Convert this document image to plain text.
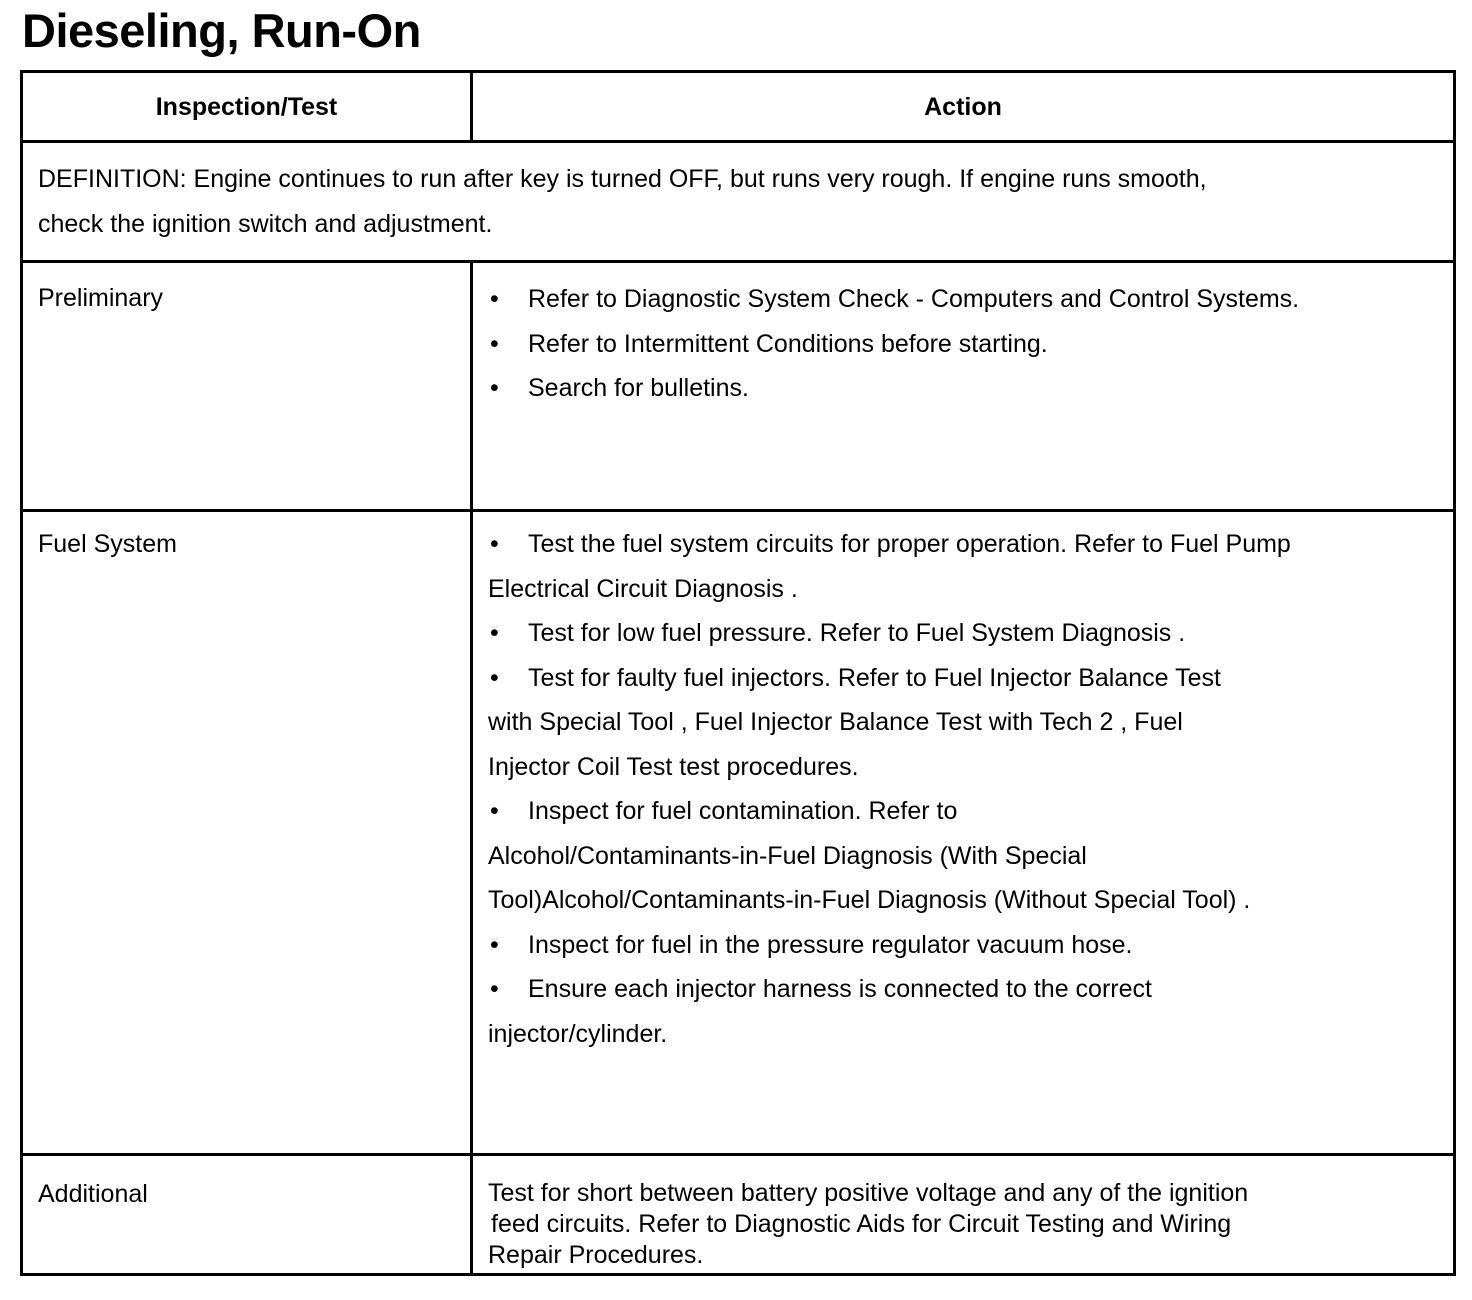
Dieseling, Run-On
Inspection/Test	Action
DEFINITION: Engine continues to run after key is turned OFF, but runs very rough. If engine runs smooth,
check the ignition switch and adjustment.
Preliminary	• Refer to Diagnostic System Check - Computers and Control Systems.
• Refer to Intermittent Conditions before starting.
• Search for bulletins.
Fuel System	• Test the fuel system circuits for proper operation. Refer to Fuel Pump
Electrical Circuit Diagnosis .
• Test for low fuel pressure. Refer to Fuel System Diagnosis .
• Test for faulty fuel injectors. Refer to Fuel Injector Balance Test
with Special Tool , Fuel Injector Balance Test with Tech 2 , Fuel
Injector Coil Test test procedures.
• Inspect for fuel contamination. Refer to
Alcohol/Contaminants-in-Fuel Diagnosis (With Special
Tool)Alcohol/Contaminants-in-Fuel Diagnosis (Without Special Tool) .
• Inspect for fuel in the pressure regulator vacuum hose.
• Ensure each injector harness is connected to the correct
injector/cylinder.
Additional	Test for short between battery positive voltage and any of the ignition
feed circuits. Refer to Diagnostic Aids for Circuit Testing and Wiring
Repair Procedures.
